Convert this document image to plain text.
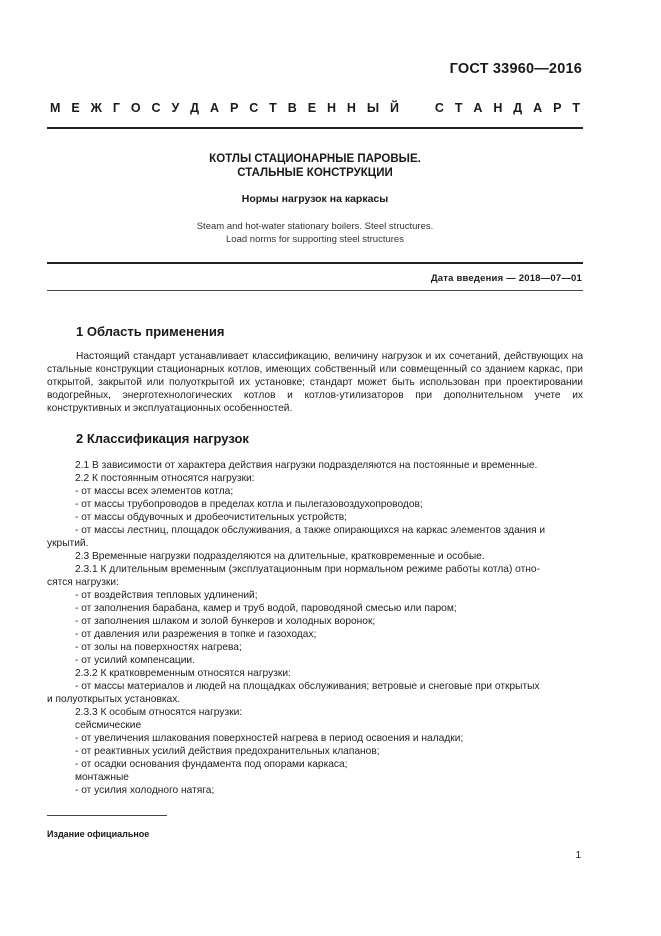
ГОСТ 33960—2016
М Е Ж Г О С У Д А Р С Т В Е Н Н Ы Й	С Т А Н Д А Р Т
КОТЛЫ СТАЦИОНАРНЫЕ ПАРОВЫЕ.
СТАЛЬНЫЕ КОНСТРУКЦИИ
Нормы нагрузок на каркасы
Steam and hot-water stationary boilers. Steel structures.
Load norms for supporting steel structures
Дата введения — 2018—07—01
1 Область применения
Настоящий стандарт устанавливает классификацию, величину нагрузок и их сочетаний, действующих на стальные конструкции стационарных котлов, имеющих собственный или совмещенный со зданием каркас, при открытой, закрытой или полуоткрытой их установке; стандарт может быть использован при проектировании водогрейных, энерготехнологических котлов и котлов-утилизаторов при дополнительном учете их конструктивных и эксплуатационных особенностей.
2 Классификация нагрузок
2.1 В зависимости от характера действия нагрузки подразделяются на постоянные и временные.
2.2 К постоянным относятся нагрузки:
- от массы всех элементов котла;
- от массы трубопроводов в пределах котла и пылегазовоздухопроводов;
- от массы обдувочных и дробеочистительных устройств;
- от массы лестниц, площадок обслуживания, а также опирающихся на каркас элементов здания и
укрытий.
2.3 Временные нагрузки подразделяются на длительные, кратковременные и особые.
2.3.1 К длительным временным (эксплуатационным при нормальном режиме работы котла) отно-
сятся нагрузки:
- от воздействия тепловых удлинений;
- от заполнения барабана, камер и труб водой, пароводяной смесью или паром;
- от заполнения шлаком и золой бункеров и холодных воронок;
- от давления или разрежения в топке и газоходах;
- от золы на поверхностях нагрева;
- от усилий компенсации.
2.3.2 К кратковременным относятся нагрузки:
- от массы материалов и людей на площадках обслуживания; ветровые и снеговые при открытых
и полуоткрытых установках.
2.3.3 К особым относятся нагрузки:
сейсмические
- от увеличения шлакования поверхностей нагрева в период освоения и наладки;
- от реактивных усилий действия предохранительных клапанов;
- от осадки основания фундамента под опорами каркаса;
монтажные
- от усилия холодного натяга;
Издание официальное
1
